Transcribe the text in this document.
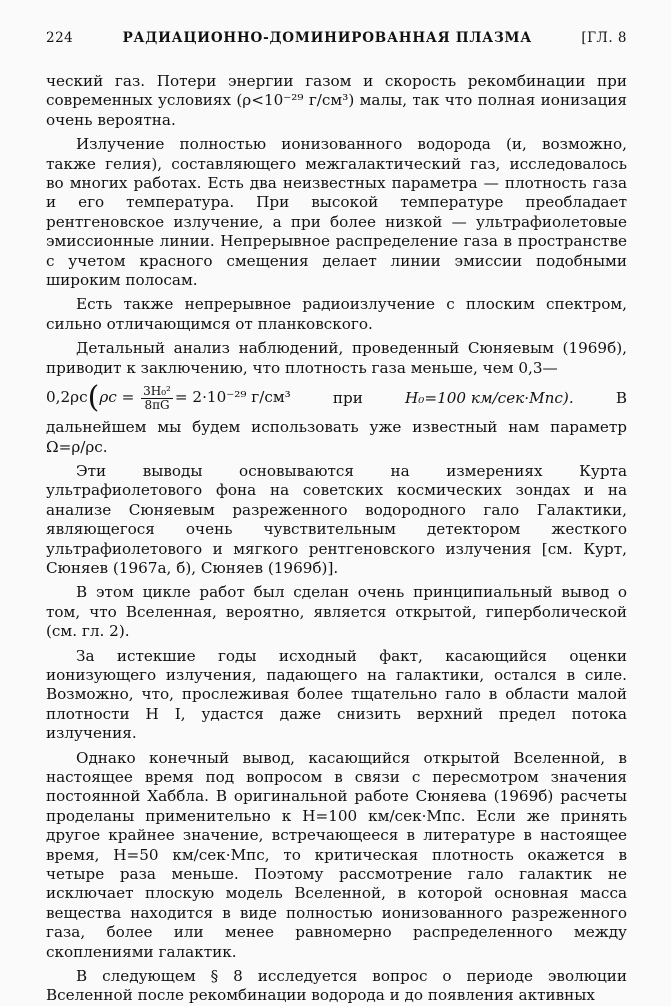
224	РАДИАЦИОННО-ДОМИНИРОВАННАЯ ПЛАЗМА	[ГЛ. 8

ческий газ. Потери энергии газом и скорость рекомбинации при современных условиях (ρ<10⁻²⁹ г/см³) малы, так что полная ионизация очень вероятна.

Излучение полностью ионизованного водорода (и, возможно, также гелия), составляющего межгалактический газ, исследовалось во многих работах. Есть два неизвестных параметра — плотность газа и его температура. При высокой температуре преобладает рентгеновское излучение, а при более низкой — ультрафиолетовые эмиссионные линии. Непрерывное распределение газа в пространстве с учетом красного смещения делает линии эмиссии подобными широким полосам.

Есть также непрерывное радиоизлучение с плоским спектром, сильно отличающимся от планковского.

Детальный анализ наблюдений, проведенный Сюняевым (1969б), приводит к заключению, что плотность газа меньше, чем 0,3—

$0,2\rho c(\rho c = \frac{\text{3H₀²}}{8\pi G} = 2\cdot 10^{-29}$ г/см³	при	H₀=100 км/сек·Мпс).	В

дальнейшем мы будем использовать уже известный нам параметр Ω=ρ/ρc.

Эти выводы основываются на измерениях Курта ультрафиолетового фона на советских космических зондах и на анализе Сюняевым разреженного водородного гало Галактики, являющегося очень чувствительным детектором жесткого ультрафиолетового и мягкого рентгеновского излучения [см. Курт, Сюняев (1967а, б), Сюняев (1969б)].

В этом цикле работ был сделан очень принципиальный вывод о том, что Вселенная, вероятно, является открытой, гиперболической (см. гл. 2).

За истекшие годы исходный факт, касающийся оценки ионизующего излучения, падающего на галактики, остался в силе. Возможно, что, прослеживая более тщательно гало в области малой плотности H I, удастся даже снизить верхний предел потока излучения.

Однако конечный вывод, касающийся открытой Вселенной, в настоящее время под вопросом в связи с пересмотром значения постоянной Хаббла. В оригинальной работе Сюняева (1969б) расчеты проделаны применительно к H=100 км/сек·Мпс. Если же принять другое крайнее значение, встречающееся в литературе в настоящее время, H=50 км/сек·Мпс, то критическая плотность окажется в четыре раза меньше. Поэтому рассмотрение гало галактик не исключает плоскую модель Вселенной, в которой основная масса вещества находится в виде полностью ионизованного разреженного газа, более или менее равномерно распределенного между скоплениями галактик.

В следующем § 8 исследуется вопрос о периоде эволюции Вселенной после рекомбинации водорода и до появления активных
